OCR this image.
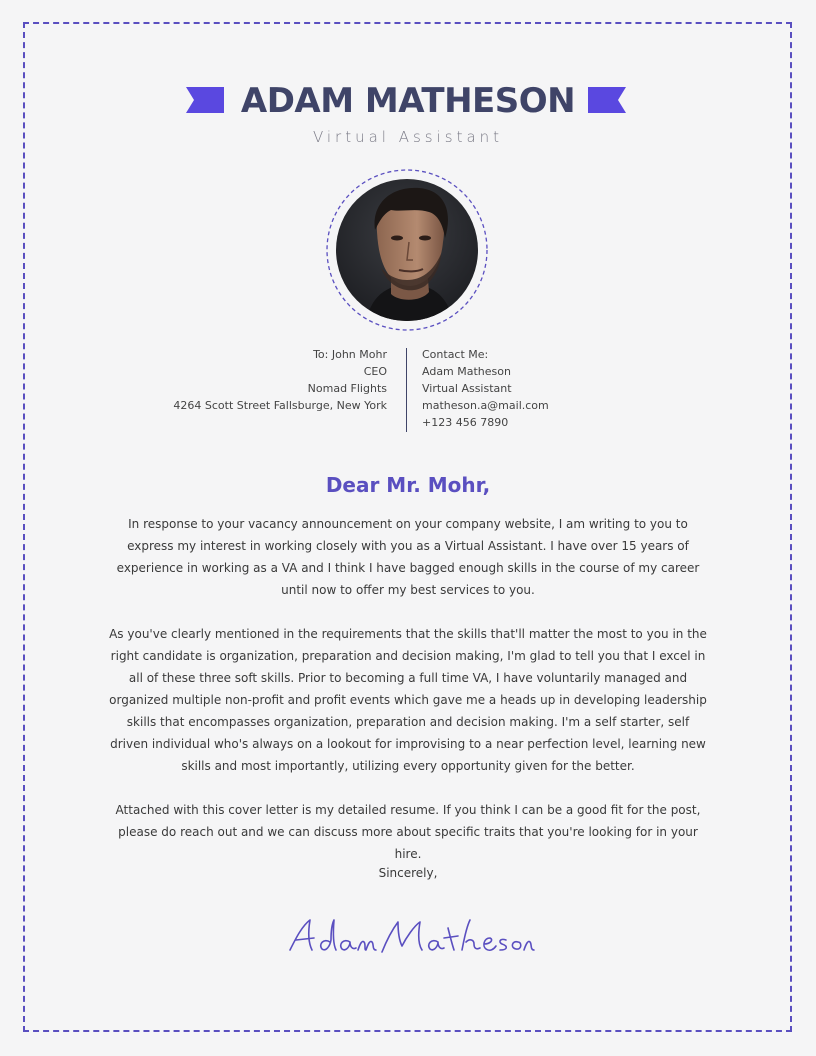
ADAM MATHESON
Virtual Assistant
To: John Mohr
CEO
Nomad Flights
4264 Scott Street Fallsburge, New York
Contact Me:
Adam Matheson
Virtual Assistant
matheson.a@mail.com
+123 456 7890
Dear Mr. Mohr,

In response to your vacancy announcement on your company website, I am writing to you to express my interest in working closely with you as a Virtual Assistant. I have over 15 years of experience in working as a VA and I think I have bagged enough skills in the course of my career until now to offer my best services to you.

As you've clearly mentioned in the requirements that the skills that'll matter the most to you in the right candidate is organization, preparation and decision making, I'm glad to tell you that I excel in all of these three soft skills. Prior to becoming a full time VA, I have voluntarily managed and organized multiple non-profit and profit events which gave me a heads up in developing leadership skills that encompasses organization, preparation and decision making. I'm a self starter, self driven individual who's always on a lookout for improvising to a near perfection level, learning new skills and most importantly, utilizing every opportunity given for the better.

Attached with this cover letter is my detailed resume. If you think I can be a good fit for the post, please do reach out and we can discuss more about specific traits that you're looking for in your hire.

Sincerely,
